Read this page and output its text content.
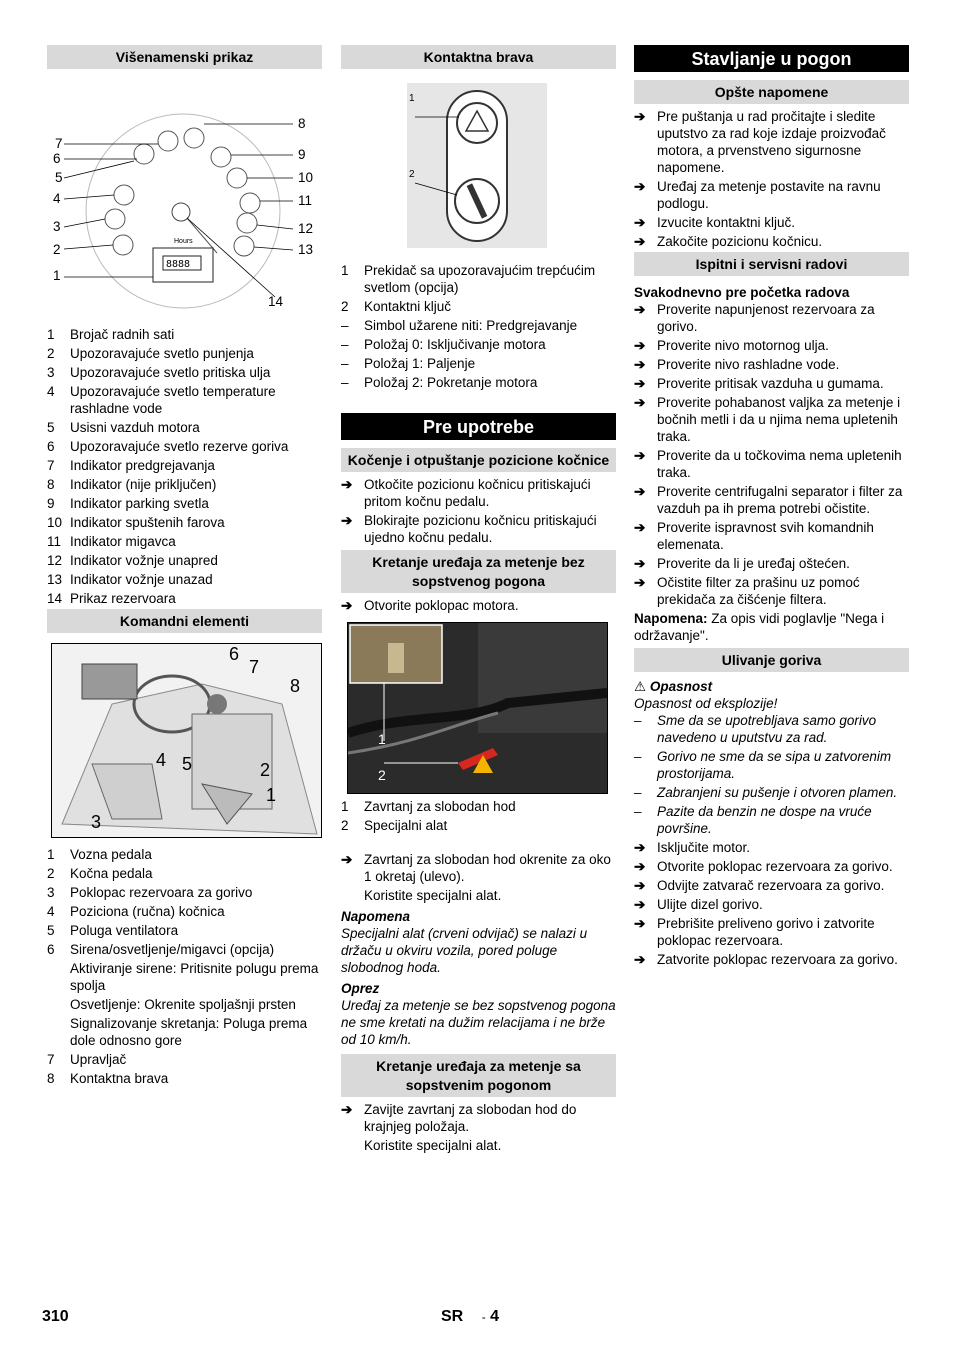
Višenamenski prikaz
8888
Hours
7
6
5
4
3
2
1
8
9
10
11
12
13
14
1 Brojač radnih sati
2 Upozoravajuće svetlo punjenja
3 Upozoravajuće svetlo pritiska ulja
4 Upozoravajuće svetlo temperature rashladne vode
5 Usisni vazduh motora
6 Upozoravajuće svetlo rezerve goriva
7 Indikator predgrejavanja
8 Indikator (nije priključen)
9 Indikator parking svetla
10 Indikator spuštenih farova
11 Indikator migavca
12 Indikator vožnje unapred
13 Indikator vožnje unazad
14 Prikaz rezervoara
Komandni elementi
6
7
8
4 5	2
1
3
1 Vozna pedala
2 Kočna pedala
3 Poklopac rezervoara za gorivo
4 Poziciona (ručna) kočnica
5 Poluga ventilatora
6 Sirena/osvetljenje/migavci (opcija)
Aktiviranje sirene: Pritisnite polugu prema spolja
Osvetljenje: Okrenite spoljašnji prsten
Signalizovanje skretanja: Poluga prema dole odnosno gore
7 Upravljač
8 Kontaktna brava
Kontaktna brava
1
2
1 Prekidač sa upozoravajućim trepćućim svetlom (opcija)
2 Kontaktni ključ
– Simbol užarene niti: Predgrejavanje
– Položaj 0: Isključivanje motora
– Položaj 1: Paljenje
– Položaj 2: Pokretanje motora
Pre upotrebe
Kočenje i otpuštanje pozicione kočnice
➔ Otkočite pozicionu kočnicu pritiskajući pritom kočnu pedalu.
➔ Blokirajte pozicionu kočnicu pritiskajući ujedno kočnu pedalu.
Kretanje uređaja za metenje bez sopstvenog pogona
➔ Otvorite poklopac motora.
1
2
1 Zavrtanj za slobodan hod
2 Specijalni alat
➔ Zavrtanj za slobodan hod okrenite za oko 1 okretaj (ulevo).
Koristite specijalni alat.
Napomena
Specijalni alat (crveni odvijač) se nalazi u držaču u okviru vozila, pored poluge slobodnog hoda.
Oprez
Uređaj za metenje se bez sopstvenog pogona ne sme kretati na dužim relacijama i ne brže od 10 km/h.
Kretanje uređaja za metenje sa sopstvenim pogonom
➔ Zavijte zavrtanj za slobodan hod do krajnjeg položaja.
Koristite specijalni alat.
Stavljanje u pogon
Opšte napomene
➔ Pre puštanja u rad pročitajte i sledite uputstvo za rad koje izdaje proizvođač motora, a prvenstveno sigurnosne napomene.
➔ Uređaj za metenje postavite na ravnu podlogu.
➔ Izvucite kontaktni ključ.
➔ Zakočite pozicionu kočnicu.
Ispitni i servisni radovi
Svakodnevno pre početka radova
➔ Proverite napunjenost rezervoara za gorivo.
➔ Proverite nivo motornog ulja.
➔ Proverite nivo rashladne vode.
➔ Proverite pritisak vazduha u gumama.
➔ Proverite pohabanost valjka za metenje i bočnih metli i da u njima nema upletenih traka.
➔ Proverite da u točkovima nema upletenih traka.
➔ Proverite centrifugalni separator i filter za vazduh pa ih prema potrebi očistite.
➔ Proverite ispravnost svih komandnih elemenata.
➔ Proverite da li je uređaj oštećen.
➔ Očistite filter za prašinu uz pomoć prekidača za čišćenje filtera.
Napomena: Za opis vidi poglavlje "Nega i održavanje".
Ulivanje goriva
⚠ Opasnost
Opasnost od eksplozije!
– Sme da se upotrebljava samo gorivo navedeno u uputstvu za rad.
– Gorivo ne sme da se sipa u zatvorenim prostorijama.
– Zabranjeni su pušenje i otvoren plamen.
– Pazite da benzin ne dospe na vruće površine.
➔ Isključite motor.
➔ Otvorite poklopac rezervoara za gorivo.
➔ Odvijte zatvarač rezervoara za gorivo.
➔ Ulijte dizel gorivo.
➔ Prebrišite preliveno gorivo i zatvorite poklopac rezervoara.
➔ Zatvorite poklopac rezervoara za gorivo.
310	SR - 4
